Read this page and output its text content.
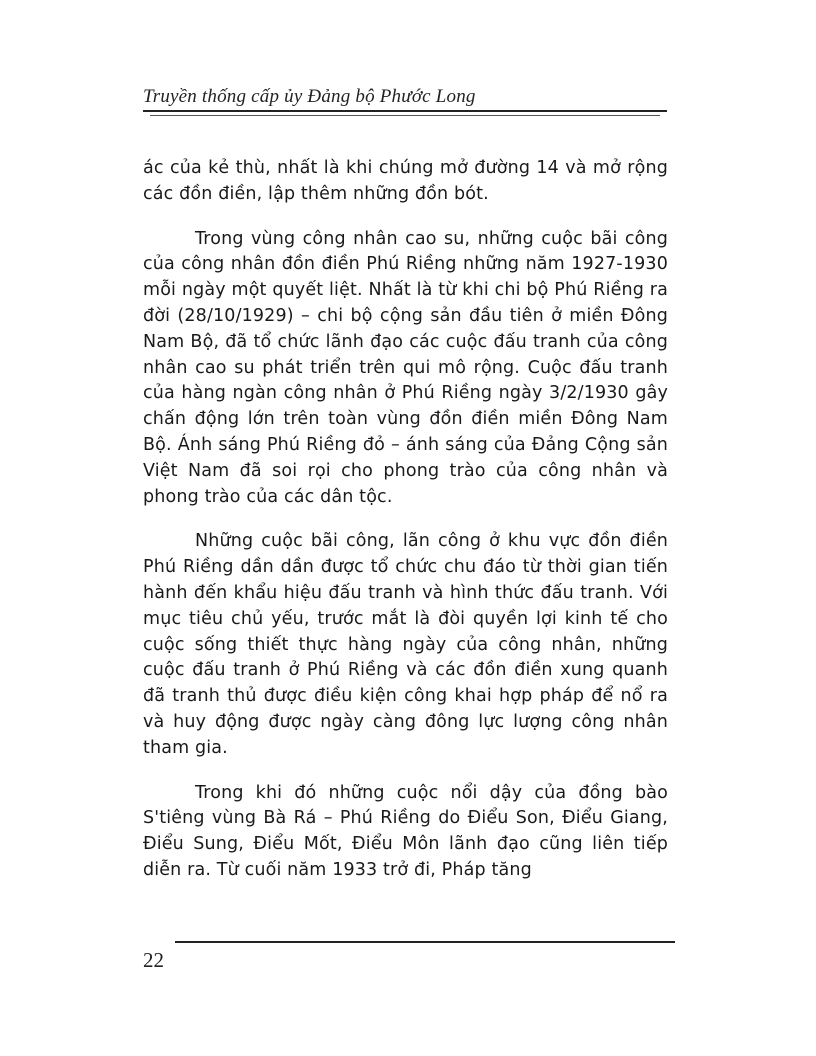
Truyền thống cấp ủy Đảng bộ Phước Long

ác của kẻ thù, nhất là khi chúng mở đường 14 và mở rộng các đồn điền, lập thêm những đồn bót.

Trong vùng công nhân cao su, những cuộc bãi công của công nhân đồn điền Phú Riềng những năm 1927-1930 mỗi ngày một quyết liệt. Nhất là từ khi chi bộ Phú Riềng ra đời (28/10/1929) – chi bộ cộng sản đầu tiên ở miền Đông Nam Bộ, đã tổ chức lãnh đạo các cuộc đấu tranh của công nhân cao su phát triển trên qui mô rộng. Cuộc đấu tranh của hàng ngàn công nhân ở Phú Riềng ngày 3/2/1930 gây chấn động lớn trên toàn vùng đồn điền miền Đông Nam Bộ. Ánh sáng Phú Riềng đỏ – ánh sáng của Đảng Cộng sản Việt Nam đã soi rọi cho phong trào của công nhân và phong trào của các dân tộc.

Những cuộc bãi công, lãn công ở khu vực đồn điền Phú Riềng dần dần được tổ chức chu đáo từ thời gian tiến hành đến khẩu hiệu đấu tranh và hình thức đấu tranh. Với mục tiêu chủ yếu, trước mắt là đòi quyền lợi kinh tế cho cuộc sống thiết thực hàng ngày của công nhân, những cuộc đấu tranh ở Phú Riềng và các đồn điền xung quanh đã tranh thủ được điều kiện công khai hợp pháp để nổ ra và huy động được ngày càng đông lực lượng công nhân tham gia.

Trong khi đó những cuộc nổi dậy của đồng bào S'tiêng vùng Bà Rá – Phú Riềng do Điểu Son, Điểu Giang, Điểu Sung, Điểu Mốt, Điểu Môn lãnh đạo cũng liên tiếp diễn ra. Từ cuối năm 1933 trở đi, Pháp tăng

22
